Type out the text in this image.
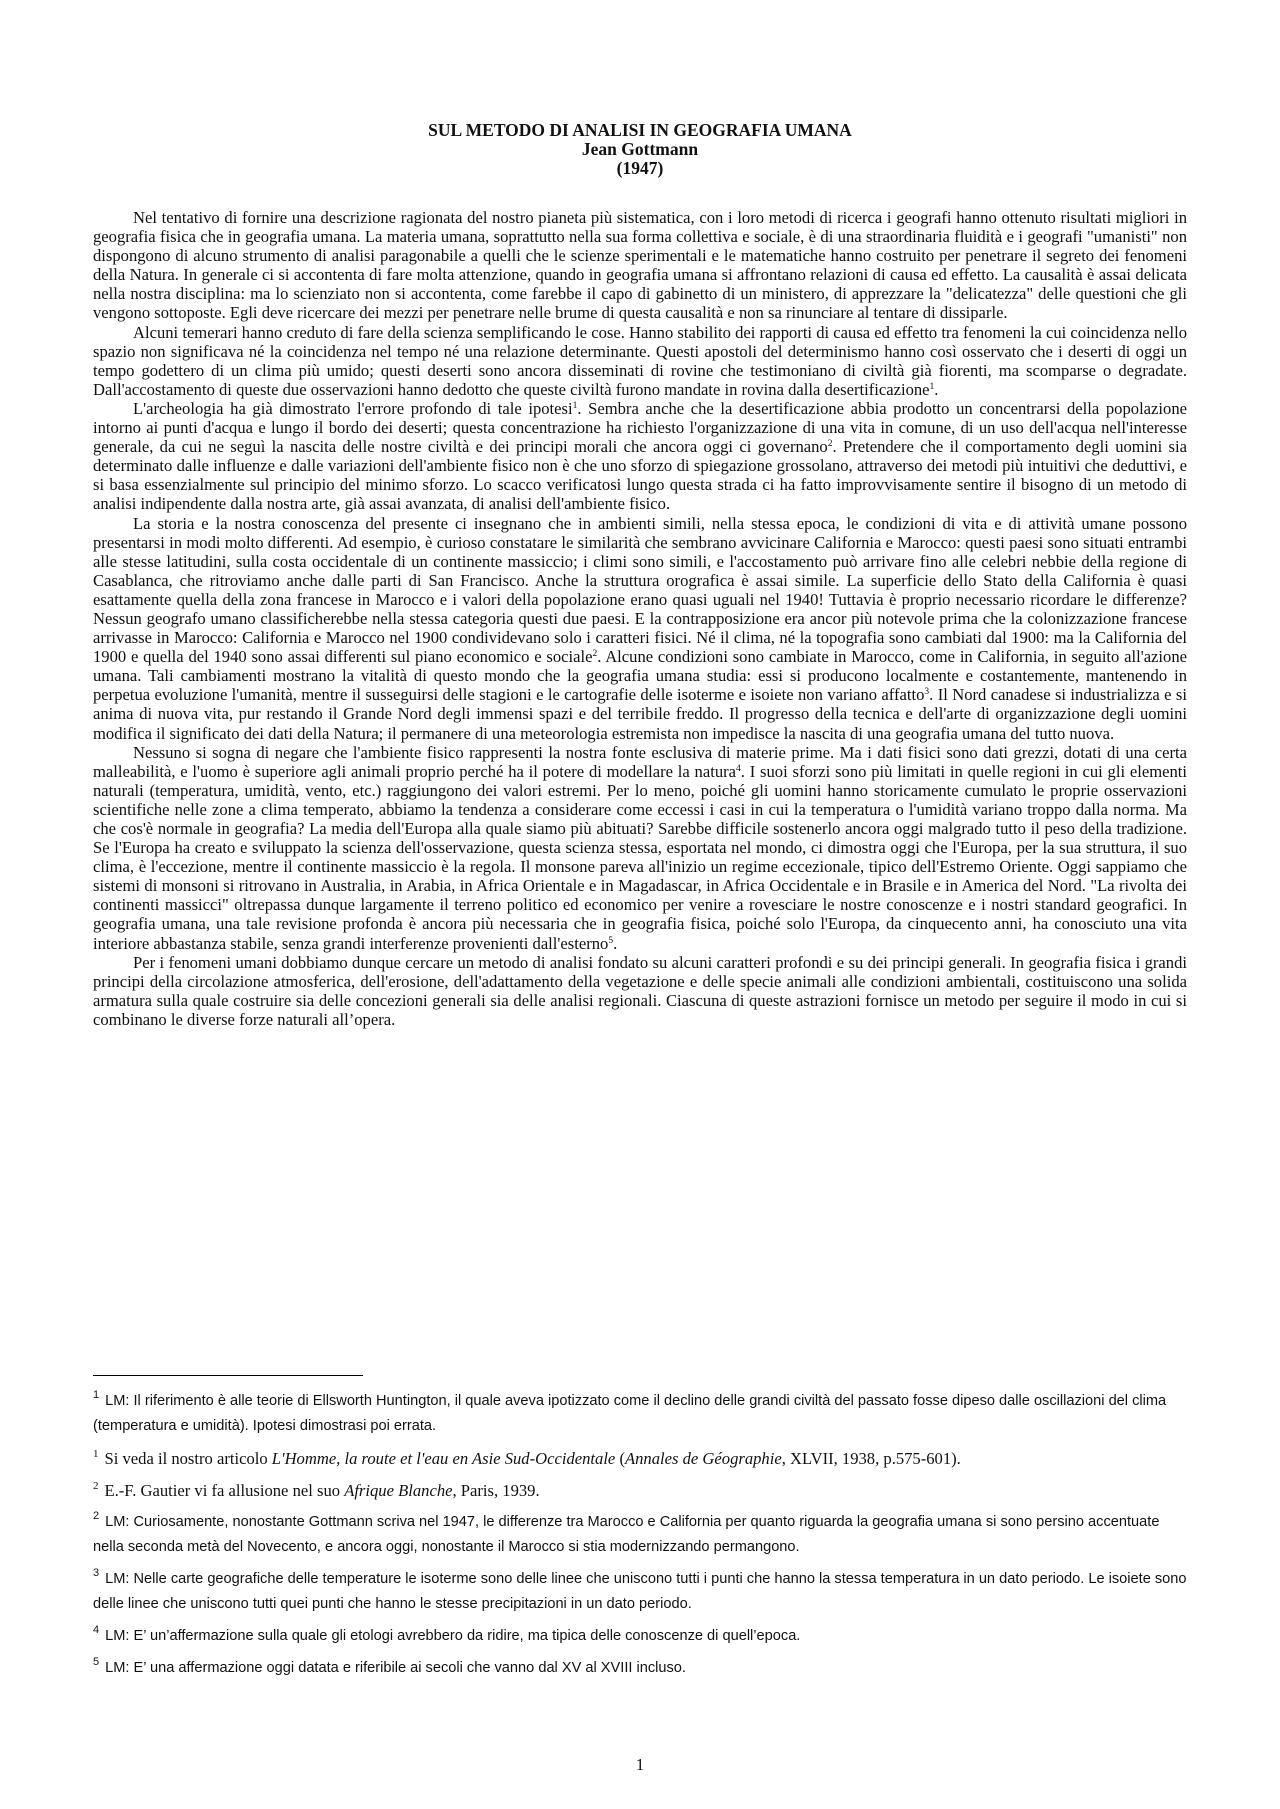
SUL METODO DI ANALISI IN GEOGRAFIA UMANA
Jean Gottmann
(1947)

Nel tentativo di fornire una descrizione ragionata del nostro pianeta più sistematica, con i loro metodi di ricerca i geografi hanno ottenuto risultati migliori in geografia fisica che in geografia umana. La materia umana, soprattutto nella sua forma collettiva e sociale, è di una straordinaria fluidità e i geografi "umanisti" non dispongono di alcuno strumento di analisi paragonabile a quelli che le scienze sperimentali e le matematiche hanno costruito per penetrare il segreto dei fenomeni della Natura. In generale ci si accontenta di fare molta attenzione, quando in geografia umana si affrontano relazioni di causa ed effetto. La causalità è assai delicata nella nostra disciplina: ma lo scienziato non si accontenta, come farebbe il capo di gabinetto di un ministero, di apprezzare la "delicatezza" delle questioni che gli vengono sottoposte. Egli deve ricercare dei mezzi per penetrare nelle brume di questa causalità e non sa rinunciare al tentare di dissiparle.

Alcuni temerari hanno creduto di fare della scienza semplificando le cose. Hanno stabilito dei rapporti di causa ed effetto tra fenomeni la cui coincidenza nello spazio non significava né la coincidenza nel tempo né una relazione determinante. Questi apostoli del determinismo hanno così osservato che i deserti di oggi un tempo godettero di un clima più umido; questi deserti sono ancora disseminati di rovine che testimoniano di civiltà già fiorenti, ma scomparse o degradate. Dall'accostamento di queste due osservazioni hanno dedotto che queste civiltà furono mandate in rovina dalla desertificazione$^1$.

L'archeologia ha già dimostrato l'errore profondo di tale ipotesi$^1$. Sembra anche che la desertificazione abbia prodotto un concentrarsi della popolazione intorno ai punti d'acqua e lungo il bordo dei deserti; questa concentrazione ha richiesto l'organizzazione di una vita in comune, di un uso dell'acqua nell'interesse generale, da cui ne seguì la nascita delle nostre civiltà e dei principi morali che ancora oggi ci governano$^2$. Pretendere che il comportamento degli uomini sia determinato dalle influenze e dalle variazioni dell'ambiente fisico non è che uno sforzo di spiegazione grossolano, attraverso dei metodi più intuitivi che deduttivi, e si basa essenzialmente sul principio del minimo sforzo. Lo scacco verificatosi lungo questa strada ci ha fatto improvvisamente sentire il bisogno di un metodo di analisi indipendente dalla nostra arte, già assai avanzata, di analisi dell'ambiente fisico.

La storia e la nostra conoscenza del presente ci insegnano che in ambienti simili, nella stessa epoca, le condizioni di vita e di attività umane possono presentarsi in modi molto differenti. Ad esempio, è curioso constatare le similarità che sembrano avvicinare California e Marocco: questi paesi sono situati entrambi alle stesse latitudini, sulla costa occidentale di un continente massiccio; i climi sono simili, e l'accostamento può arrivare fino alle celebri nebbie della regione di Casablanca, che ritroviamo anche dalle parti di San Francisco. Anche la struttura orografica è assai simile. La superficie dello Stato della California è quasi esattamente quella della zona francese in Marocco e i valori della popolazione erano quasi uguali nel 1940! Tuttavia è proprio necessario ricordare le differenze? Nessun geografo umano classificherebbe nella stessa categoria questi due paesi. E la contrapposizione era ancor più notevole prima che la colonizzazione francese arrivasse in Marocco: California e Marocco nel 1900 condividevano solo i caratteri fisici. Né il clima, né la topografia sono cambiati dal 1900: ma la California del 1900 e quella del 1940 sono assai differenti sul piano economico e sociale$^2$. Alcune condizioni sono cambiate in Marocco, come in California, in seguito all'azione umana. Tali cambiamenti mostrano la vitalità di questo mondo che la geografia umana studia: essi si producono localmente e costantemente, mantenendo in perpetua evoluzione l'umanità, mentre il susseguirsi delle stagioni e le cartografie delle isoterme e isoiete non variano affatto$^3$. Il Nord canadese si industrializza e si anima di nuova vita, pur restando il Grande Nord degli immensi spazi e del terribile freddo. Il progresso della tecnica e dell'arte di organizzazione degli uomini modifica il significato dei dati della Natura; il permanere di una meteorologia estremista non impedisce la nascita di una geografia umana del tutto nuova.

Nessuno si sogna di negare che l'ambiente fisico rappresenti la nostra fonte esclusiva di materie prime. Ma i dati fisici sono dati grezzi, dotati di una certa malleabilità, e l'uomo è superiore agli animali proprio perché ha il potere di modellare la natura$^4$. I suoi sforzi sono più limitati in quelle regioni in cui gli elementi naturali (temperatura, umidità, vento, etc.) raggiungono dei valori estremi. Per lo meno, poiché gli uomini hanno storicamente cumulato le proprie osservazioni scientifiche nelle zone a clima temperato, abbiamo la tendenza a considerare come eccessi i casi in cui la temperatura o l'umidità variano troppo dalla norma. Ma che cos'è normale in geografia? La media dell'Europa alla quale siamo più abituati? Sarebbe difficile sostenerlo ancora oggi malgrado tutto il peso della tradizione. Se l'Europa ha creato e sviluppato la scienza dell'osservazione, questa scienza stessa, esportata nel mondo, ci dimostra oggi che l'Europa, per la sua struttura, il suo clima, è l'eccezione, mentre il continente massiccio è la regola. Il monsone pareva all'inizio un regime eccezionale, tipico dell'Estremo Oriente. Oggi sappiamo che sistemi di monsoni si ritrovano in Australia, in Arabia, in Africa Orientale e in Magadascar, in Africa Occidentale e in Brasile e in America del Nord. "La rivolta dei continenti massicci" oltrepassa dunque largamente il terreno politico ed economico per venire a rovesciare le nostre conoscenze e i nostri standard geografici. In geografia umana, una tale revisione profonda è ancora più necessaria che in geografia fisica, poiché solo l'Europa, da cinquecento anni, ha conosciuto una vita interiore abbastanza stabile, senza grandi interferenze provenienti dall'esterno$^5$.

Per i fenomeni umani dobbiamo dunque cercare un metodo di analisi fondato su alcuni caratteri profondi e su dei principi generali. In geografia fisica i grandi principi della circolazione atmosferica, dell'erosione, dell'adattamento della vegetazione e delle specie animali alle condizioni ambientali, costituiscono una solida armatura sulla quale costruire sia delle concezioni generali sia delle analisi regionali. Ciascuna di queste astrazioni fornisce un metodo per seguire il modo in cui si combinano le diverse forze naturali all’opera.

$^1$ LM: Il riferimento è alle teorie di Ellsworth Huntington, il quale aveva ipotizzato come il declino delle grandi civiltà del passato fosse dipeso dalle oscillazioni del clima (temperatura e umidità). Ipotesi dimostrasi poi errata.
$^1$ Si veda il nostro articolo L'Homme, la route et l'eau en Asie Sud-Occidentale (Annales de Géographie, XLVII, 1938, p.575-601).
$^2$ E.-F. Gautier vi fa allusione nel suo Afrique Blanche, Paris, 1939.
$^2$ LM: Curiosamente, nonostante Gottmann scriva nel 1947, le differenze tra Marocco e California per quanto riguarda la geografia umana si sono persino accentuate nella seconda metà del Novecento, e ancora oggi, nonostante il Marocco si stia modernizzando permangono.
$^3$ LM: Nelle carte geografiche delle temperature le isoterme sono delle linee che uniscono tutti i punti che hanno la stessa temperatura in un dato periodo. Le isoiete sono delle linee che uniscono tutti quei punti che hanno le stesse precipitazioni in un dato periodo.
$^4$ LM: E’ un’affermazione sulla quale gli etologi avrebbero da ridire, ma tipica delle conoscenze di quell’epoca.
$^5$ LM: E’ una affermazione oggi datata e riferibile ai secoli che vanno dal XV al XVIII incluso.
1
